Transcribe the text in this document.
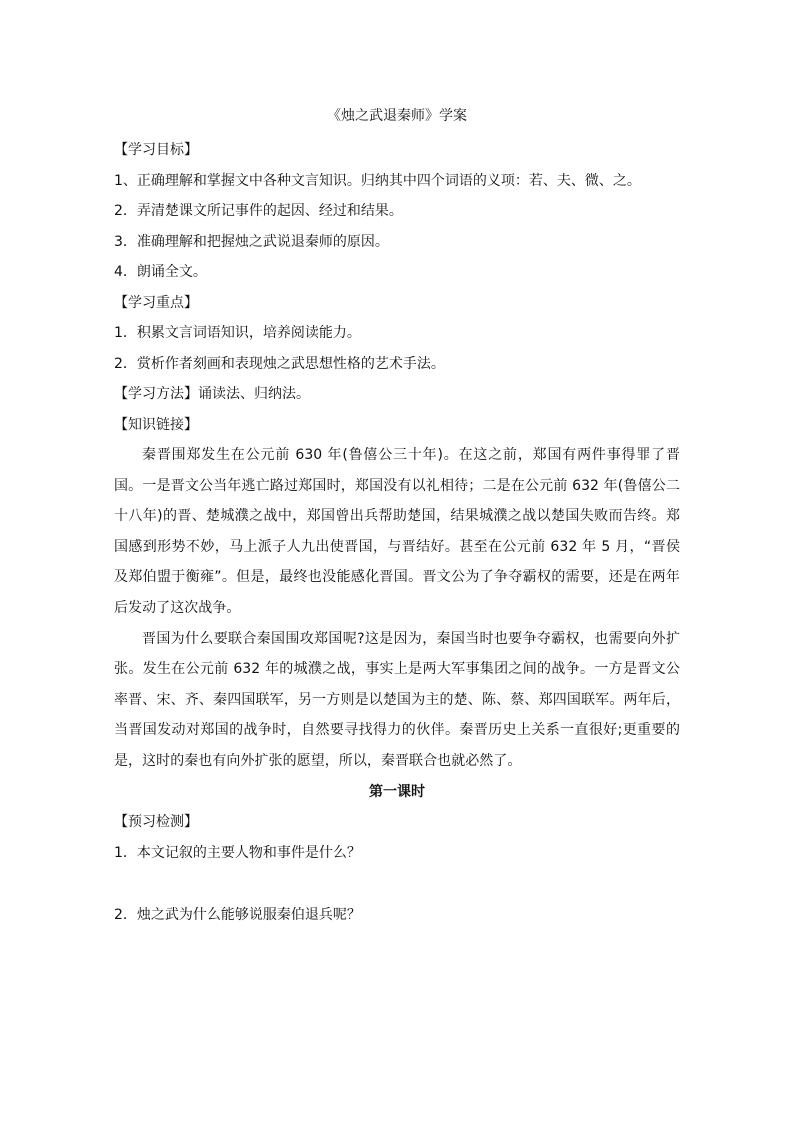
《烛之武退秦师》学案
【学习目标】
1、正确理解和掌握文中各种文言知识。归纳其中四个词语的义项：若、夫、微、之。
2．弄清楚课文所记事件的起因、经过和结果。
3．准确理解和把握烛之武说退秦师的原因。
4．朗诵全文。
【学习重点】
1．积累文言词语知识，培养阅读能力。
2．赏析作者刻画和表现烛之武思想性格的艺术手法。
【学习方法】诵读法、归纳法。
【知识链接】
秦晋围郑发生在公元前 630 年(鲁僖公三十年)。在这之前，郑国有两件事得罪了晋国。一是晋文公当年逃亡路过郑国时，郑国没有以礼相待；二是在公元前 632 年(鲁僖公二十八年)的晋、楚城濮之战中，郑国曾出兵帮助楚国，结果城濮之战以楚国失败而告终。郑国感到形势不妙，马上派子人九出使晋国，与晋结好。甚至在公元前 632 年 5 月，“晋侯及郑伯盟于衡雍”。但是，最终也没能感化晋国。晋文公为了争夺霸权的需要，还是在两年后发动了这次战争。
晋国为什么要联合秦国围攻郑国呢?这是因为，秦国当时也要争夺霸权，也需要向外扩张。发生在公元前 632 年的城濮之战，事实上是两大军事集团之间的战争。一方是晋文公率晋、宋、齐、秦四国联军，另一方则是以楚国为主的楚、陈、蔡、郑四国联军。两年后，当晋国发动对郑国的战争时，自然要寻找得力的伙伴。秦晋历史上关系一直很好;更重要的是，这时的秦也有向外扩张的愿望，所以，秦晋联合也就必然了。
第一课时
【预习检测】
1．本文记叙的主要人物和事件是什么？
2．烛之武为什么能够说服秦伯退兵呢？
